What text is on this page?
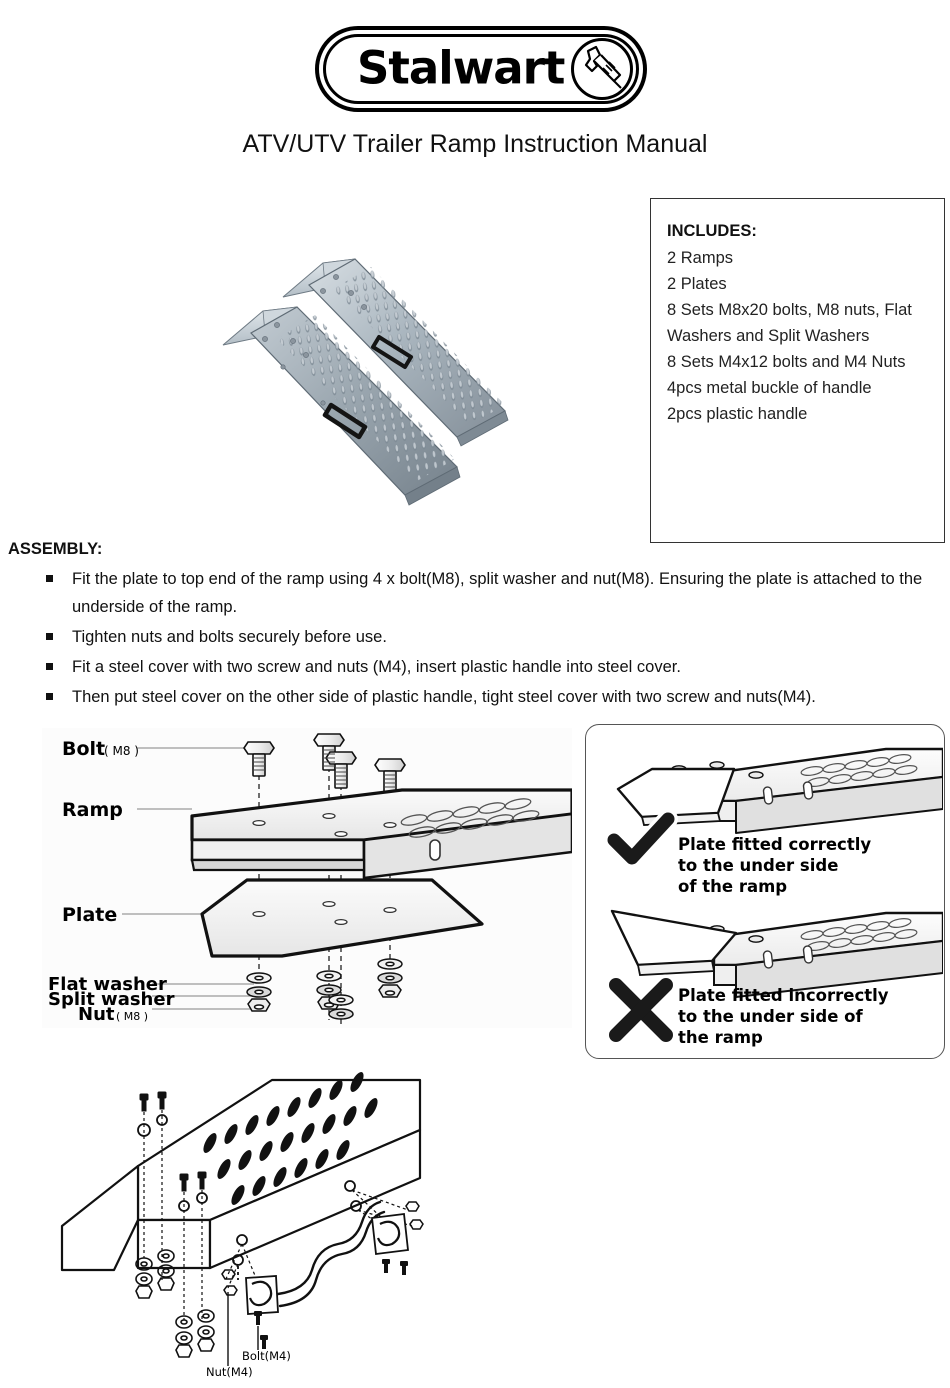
Stalwart
ATV/UTV Trailer Ramp Instruction Manual
INCLUDES:
2 Ramps
2 Plates
8 Sets M8x20 bolts, M8 nuts, Flat Washers and Split Washers
8 Sets M4x12 bolts and M4 Nuts
4pcs metal buckle of handle
2pcs plastic handle
ASSEMBLY:
Fit the plate to top end of the ramp using 4 x bolt(M8), split washer and nut(M8). Ensuring the plate is attached to the underside of the ramp.
Tighten nuts and bolts securely before use.
Fit a steel cover with two screw and nuts (M4), insert plastic handle into steel cover.
Then put steel cover on the other side of plastic handle, tight steel cover with two screw and nuts(M4).
Bolt
( M8 )
Ramp
Plate
Flat washer
Split washer
Nut ( M8 )
Plate fitted correctly
to the under side
of the ramp
Plate fitted incorrectly
to the under side of
the ramp
Bolt(M4)
Nut(M4)
